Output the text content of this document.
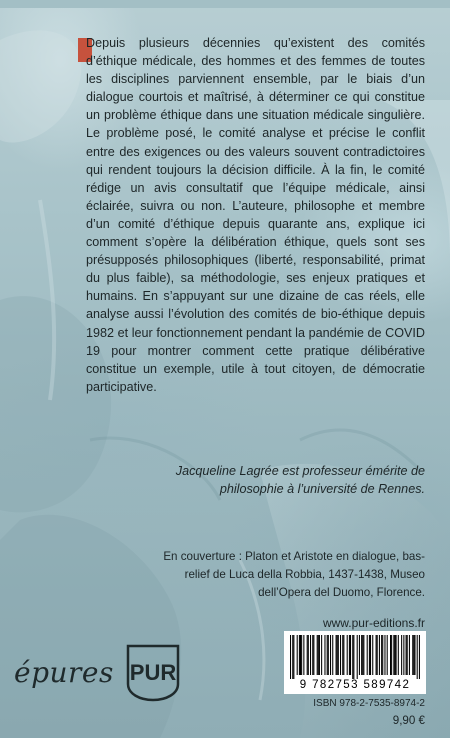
Depuis plusieurs décennies qu’existent des comités d’éthique médicale, des hommes et des femmes de toutes les disciplines parviennent ensemble, par le biais d’un dialogue courtois et maîtrisé, à déterminer ce qui constitue un problème éthique dans une situation médicale singulière. Le problème posé, le comité analyse et précise le conflit entre des exigences ou des valeurs souvent contradictoires qui rendent toujours la décision difficile. À la fin, le comité rédige un avis consultatif que l’équipe médicale, ainsi éclairée, suivra ou non. L’auteure, philosophe et membre d’un comité d’éthique depuis quarante ans, explique ici comment s’opère la délibération éthique, quels sont ses présupposés philosophiques (liberté, responsabilité, primat du plus faible), sa méthodologie, ses enjeux pratiques et humains. En s’appuyant sur une dizaine de cas réels, elle analyse aussi l’évolution des comités de bio-éthique depuis 1982 et leur fonctionnement pendant la pandémie de COVID 19 pour montrer comment cette pratique délibérative constitue un exemple, utile à tout citoyen, de démocratie participative.
Jacqueline Lagrée est professeur émérite de philosophie à l’université de Rennes.
En couverture : Platon et Aristote en dialogue, bas-relief de Luca della Robbia, 1437-1438, Museo dell’Opera del Duomo, Florence.
www.pur-editions.fr
épures PUR	9 782753 589742
ISBN 978-2-7535-8974-2
9,90 €
